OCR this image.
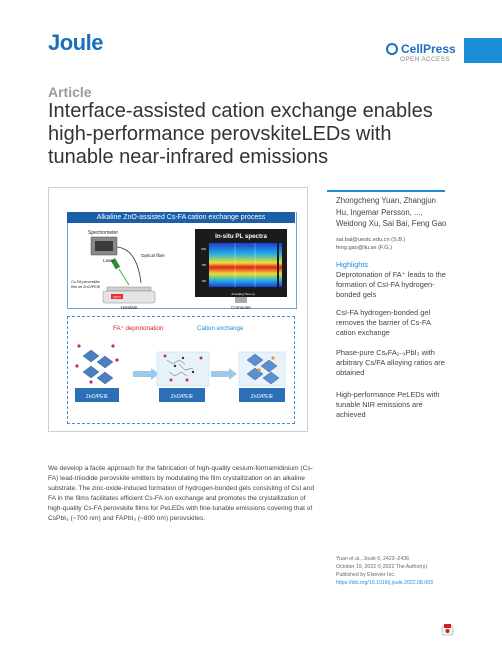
Joule	CellPress
OPEN ACCESS
Article
Interface-assisted cation exchange enables high-performance perovskiteLEDs with tunable near-infrared emissions
Alkaline ZnO-assisted Cs-FA cation exchange process
Spectrometer
Optical fiber
Laser
Cs-FA perovskite film on ZnO/PEIE
100°C
Hotplate
In-situ PL spectra
800
750
700
Annealing Time (s)
Computer
FA⁺ deprotonation	Cation exchange
ZnO/PEIE	ZnO/PEIE	ZnO/PEIE
We develop a facile approach for the fabrication of high-quality cesium-formamidinium (Cs-FA) lead-triiodide perovskite emitters by modulating the film crystallization on an alkaline substrate. The zinc-oxide-induced formation of hydrogen-bonded gels consisting of CsI and FA in the films facilitates efficient Cs-FA ion exchange and promotes the crystallization of high-quality Cs-FA perovskite films for PeLEDs with fine-tunable emissions covering that of CsPbI₃ (~700 nm) and FAPbI₃ (~800 nm) perovskites.
Zhongcheng Yuan, Zhangjun Hu, Ingemar Persson, ..., Weidong Xu, Sai Bai, Feng Gao
sai.bai@uestc.edu.cn (S.B.)
feng.gao@liu.se (F.G.)
Highlights
Deprotonation of FA⁺ leads to the formation of CsI-FA hydrogen-bonded gels
CsI-FA hydrogen-bonded gel removes the barrier of Cs-FA cation exchange
Phase-pure CsₓFA₁₋ₓPbI₃ with arbitrary Cs/FA alloying ratios are obtained
High-performance PeLEDs with tunable NIR emissions are achieved
Yuan et al., Joule 6, 2423–2436
October 19, 2022 © 2022 The Author(s).
Published by Elsevier Inc.
https://doi.org/10.1016/j.joule.2022.08.003
